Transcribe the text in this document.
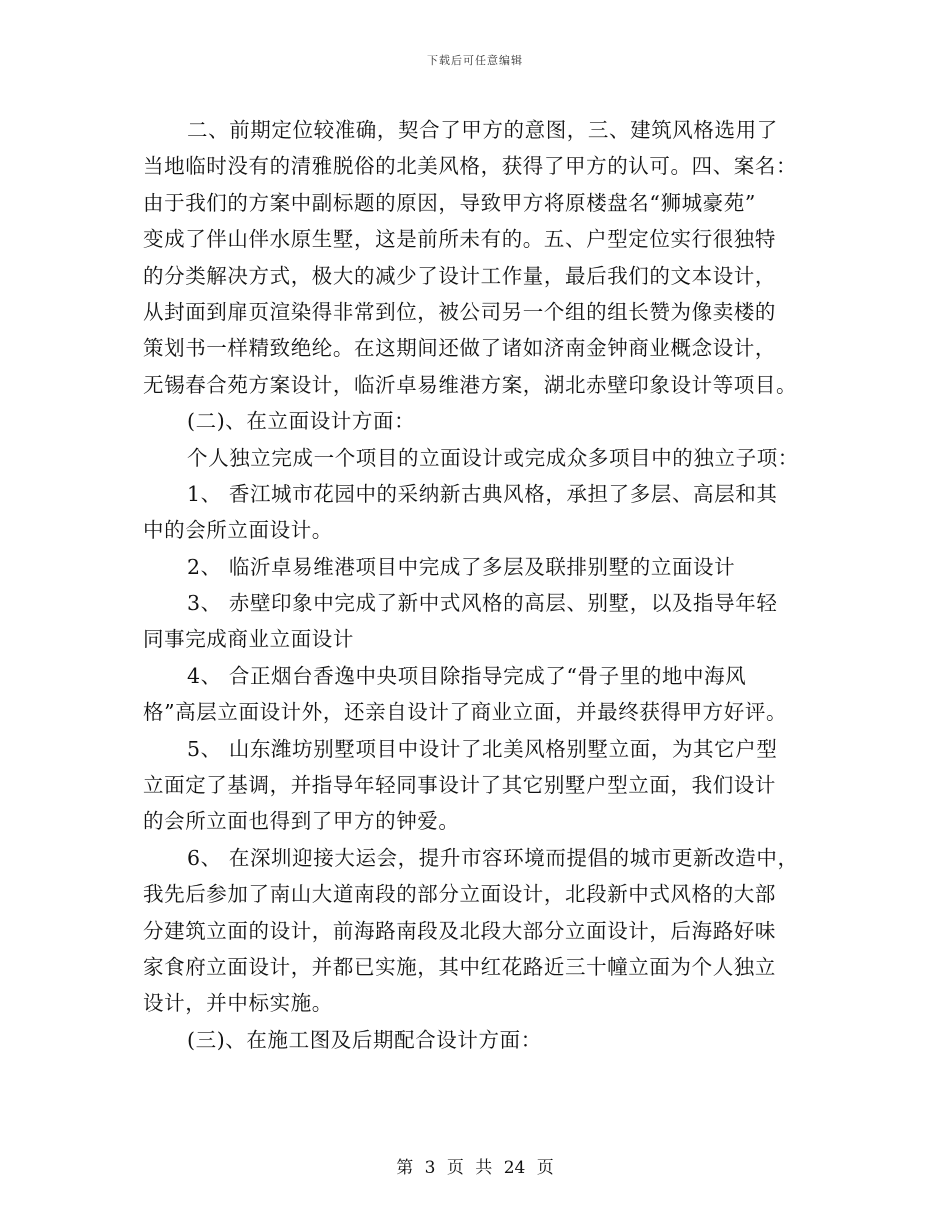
下载后可任意编辑
二、前期定位较准确，契合了甲方的意图，三、建筑风格选用了
当地临时没有的清雅脱俗的北美风格，获得了甲方的认可。四、案名：
由于我们的方案中副标题的原因，导致甲方将原楼盘名“狮城豪苑”
变成了伴山伴水原生墅，这是前所未有的。五、户型定位实行很独特
的分类解决方式，极大的减少了设计工作量，最后我们的文本设计，
从封面到扉页渲染得非常到位，被公司另一个组的组长赞为像卖楼的
策划书一样精致绝纶。在这期间还做了诸如济南金钟商业概念设计，
无锡春合苑方案设计，临沂卓易维港方案，湖北赤壁印象设计等项目。
(二)、在立面设计方面：
个人独立完成一个项目的立面设计或完成众多项目中的独立子项：
1、 香江城市花园中的采纳新古典风格，承担了多层、高层和其
中的会所立面设计。
2、 临沂卓易维港项目中完成了多层及联排别墅的立面设计
3、 赤壁印象中完成了新中式风格的高层、别墅，以及指导年轻
同事完成商业立面设计
4、 合正烟台香逸中央项目除指导完成了“骨子里的地中海风
格”高层立面设计外，还亲自设计了商业立面，并最终获得甲方好评。
5、 山东潍坊别墅项目中设计了北美风格别墅立面，为其它户型
立面定了基调，并指导年轻同事设计了其它别墅户型立面，我们设计
的会所立面也得到了甲方的钟爱。
6、 在深圳迎接大运会，提升市容环境而提倡的城市更新改造中，
我先后参加了南山大道南段的部分立面设计，北段新中式风格的大部
分建筑立面的设计，前海路南段及北段大部分立面设计，后海路好味
家食府立面设计，并都已实施，其中红花路近三十幢立面为个人独立
设计，并中标实施。
(三)、在施工图及后期配合设计方面：
第 3 页 共 24 页
